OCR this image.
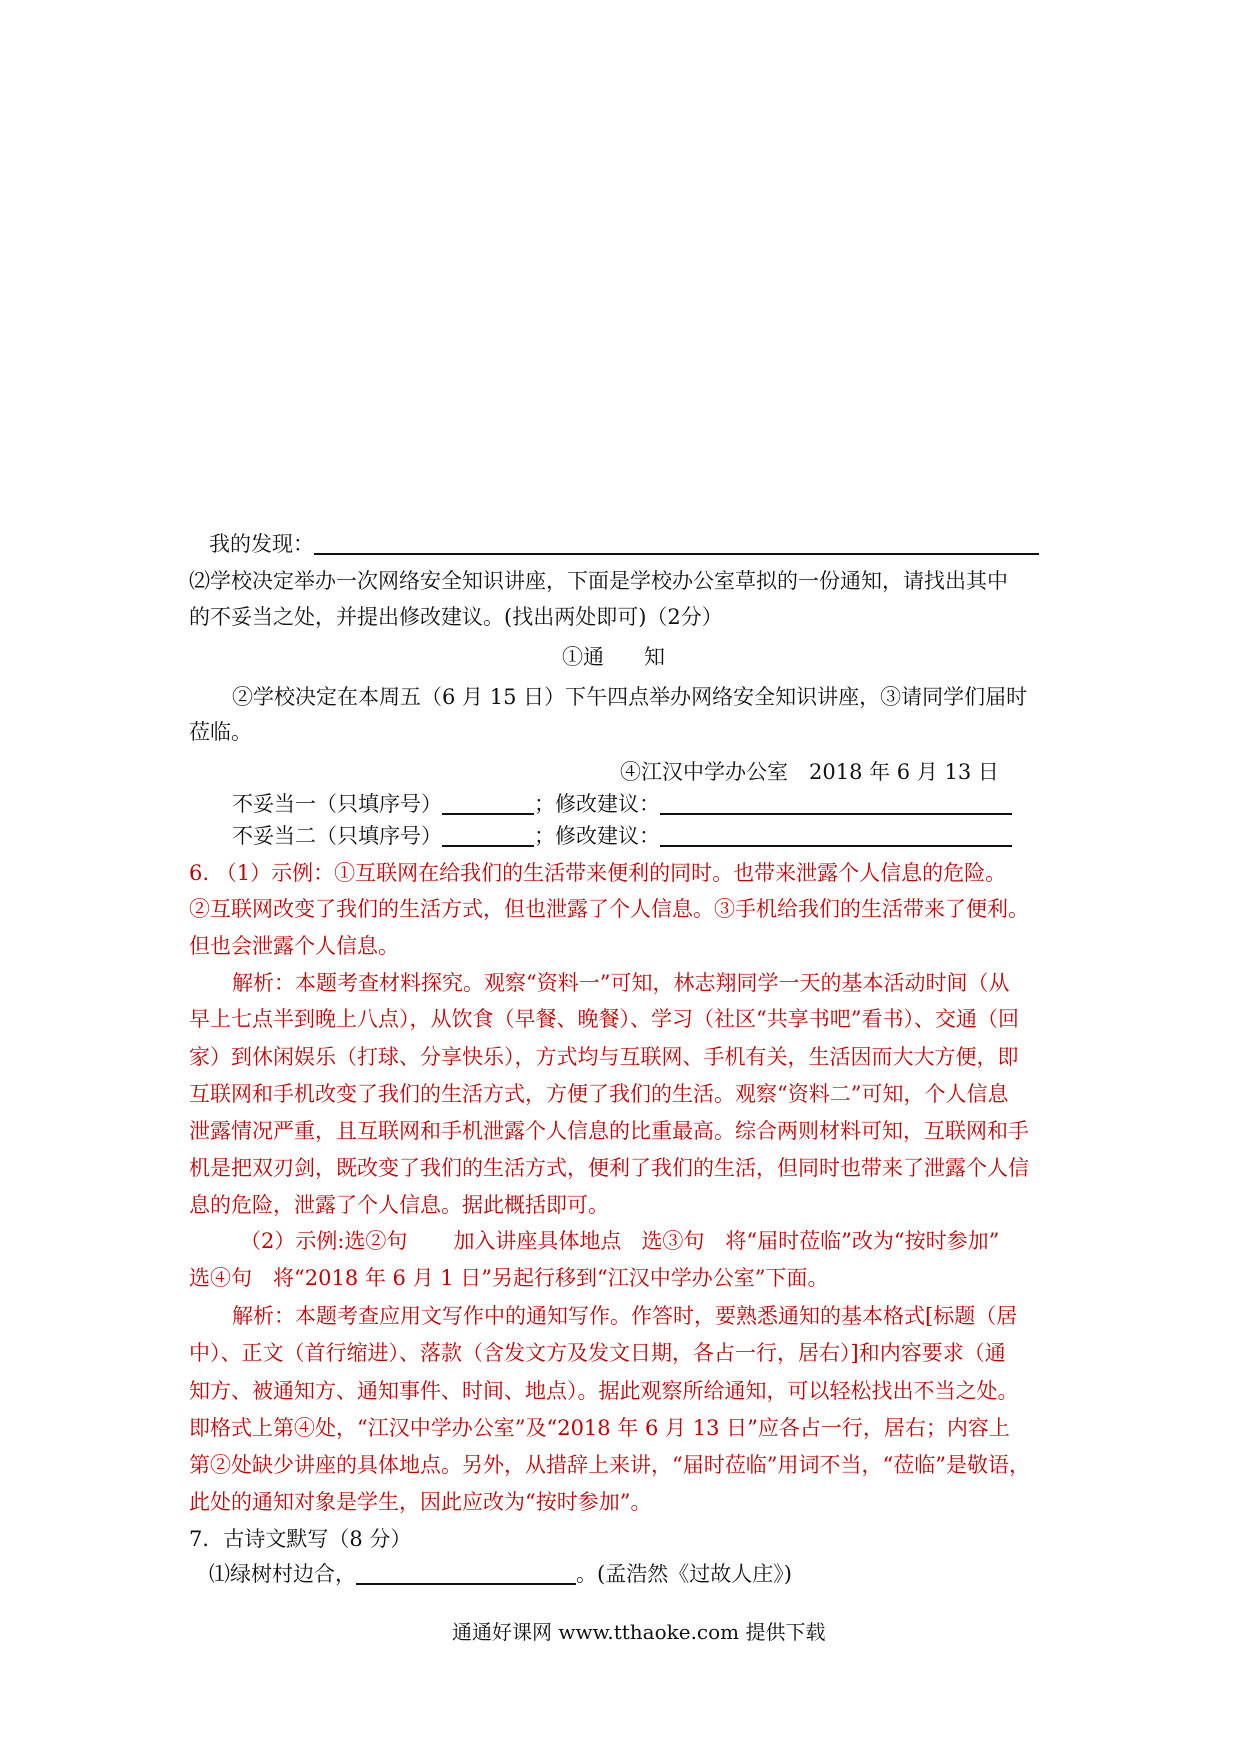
我的发现：
⑵学校决定举办一次网络安全知识讲座，下面是学校办公室草拟的一份通知，请找出其中
的不妥当之处，并提出修改建议。(找出两处即可)（2分）
①通 知
②学校决定在本周五（6 月 15 日）下午四点举办网络安全知识讲座，③请同学们届时
莅临。
④江汉中学办公室　2018 年 6 月 13 日
不妥当一（只填序号）	；修改建议：
不妥当二（只填序号）	；修改建议：
6. （1）示例：①互联网在给我们的生活带来便利的同时。也带来泄露个人信息的危险。
②互联网改变了我们的生活方式，但也泄露了个人信息。③手机给我们的生活带来了便利。
但也会泄露个人信息。
解析：本题考查材料探究。观察“资料一”可知，林志翔同学一天的基本活动时间（从
早上七点半到晚上八点），从饮食（早餐、晚餐）、学习（社区“共享书吧”看书）、交通（回
家）到休闲娱乐（打球、分享快乐），方式均与互联网、手机有关，生活因而大大方便，即
互联网和手机改变了我们的生活方式，方便了我们的生活。观察“资料二”可知，个人信息
泄露情况严重，且互联网和手机泄露个人信息的比重最高。综合两则材料可知，互联网和手
机是把双刃剑，既改变了我们的生活方式，便利了我们的生活，但同时也带来了泄露个人信
息的危险，泄露了个人信息。据此概括即可。
（2）示例:选②句 加入讲座具体地点 选③句　将“届时莅临”改为“按时参加”
选④句　将“2018 年 6 月 1 日”另起行移到“江汉中学办公室”下面。
解析：本题考查应用文写作中的通知写作。作答时，要熟悉通知的基本格式[标题（居
中）、正文（首行缩进）、落款（含发文方及发文日期，各占一行，居右）]和内容要求（通
知方、被通知方、通知事件、时间、地点）。据此观察所给通知，可以轻松找出不当之处。
即格式上第④处，“江汉中学办公室”及“2018 年 6 月 13 日”应各占一行，居右；内容上
第②处缺少讲座的具体地点。另外，从措辞上来讲，“届时莅临”用词不当，“莅临”是敬语，
此处的通知对象是学生，因此应改为“按时参加”。
7．古诗文默写（8 分）
⑴绿树村边合，	。(孟浩然《过故人庄》)
通通好课网 www.tthaoke.com 提供下载
